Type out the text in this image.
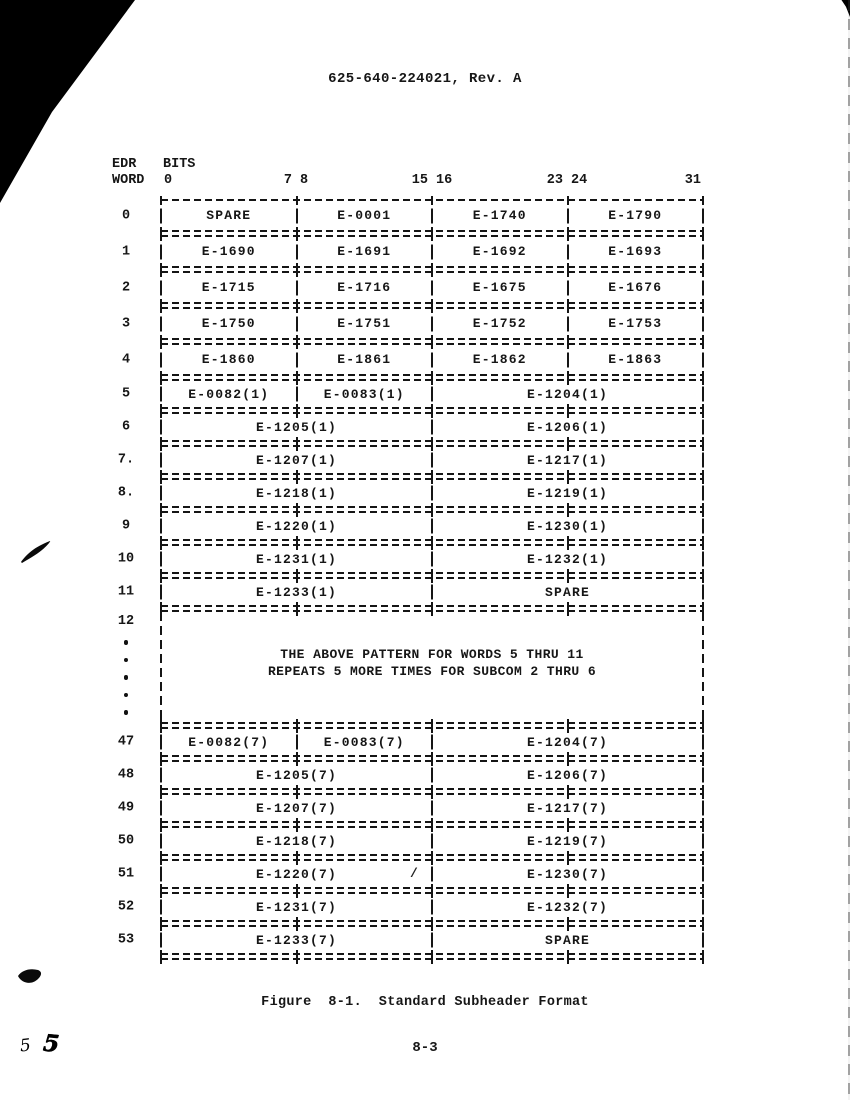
625-640-224021, Rev. A
EDR
WORD
BITS
0	7 8	15 16	23 24	31
0	SPARE	E-0001	E-1740	E-1790
1	E-1690	E-1691	E-1692	E-1693
2	E-1715	E-1716	E-1675	E-1676
3	E-1750	E-1751	E-1752	E-1753
4	E-1860	E-1861	E-1862	E-1863
5	E-0082(1)	E-0083(1)	E-1204(1)
6	E-1205(1)	E-1206(1)
7.	E-1207(1)	E-1217(1)
8.	E-1218(1)	E-1219(1)
9	E-1220(1)	E-1230(1)
10	E-1231(1)	E-1232(1)
11	E-1233(1)	SPARE
12
THE ABOVE PATTERN FOR WORDS 5 THRU 11
REPEATS 5 MORE TIMES FOR SUBCOM 2 THRU 6
47	E-0082(7)	E-0083(7)	E-1204(7)
48	E-1205(7)	E-1206(7)
49	E-1207(7)	E-1217(7)
50	E-1218(7)	E-1219(7)
51	E-1220(7)	E-1230(7)
52	E-1231(7)	E-1232(7)
53	E-1233(7)	SPARE
/
Figure  8-1.  Standard Subheader Format
8-3
5 5
